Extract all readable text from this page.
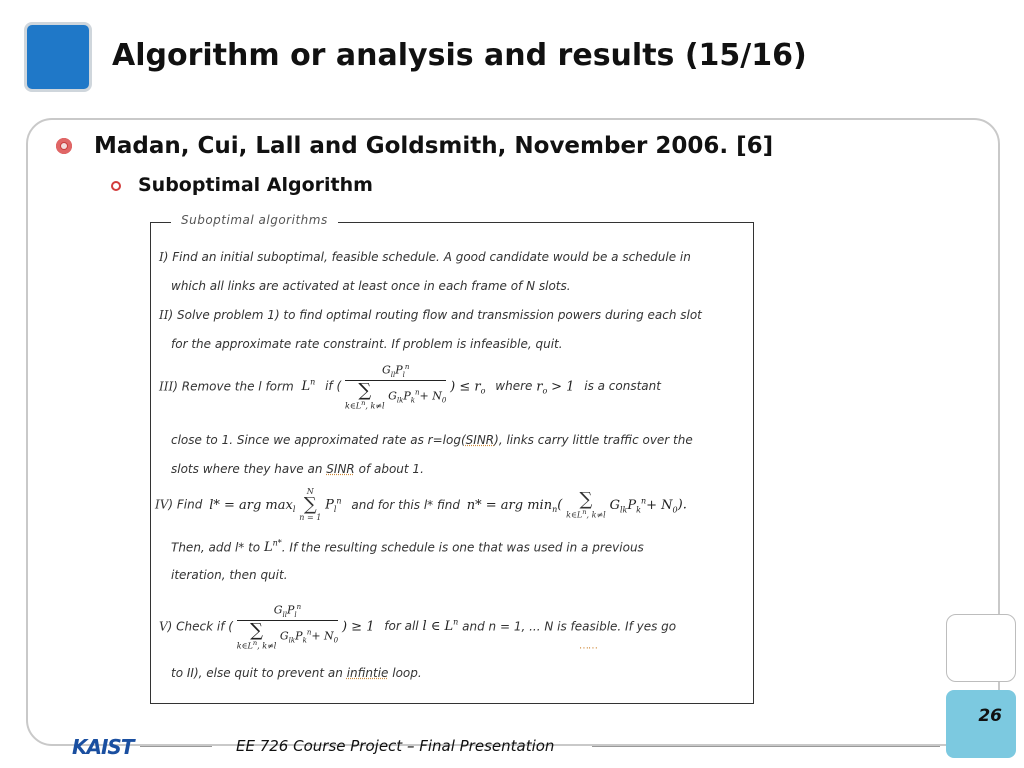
Algorithm or analysis and results (15/16)

Madan, Cui, Lall and Goldsmith, November 2006. [6]

Suboptimal Algorithm

Suboptimal algorithms
I) Find an initial suboptimal, feasible schedule. A good candidate would be a schedule in
which all links are activated at least once in each frame of N slots.
II) Solve problem 1) to find optimal routing flow and transmission powers during each slot
for the approximate rate constraint. If problem is infeasible, quit.
III) Remove the l form $L^n$ if ( $G_{ll}P_l^n$
∑
$k\in L^n$, k≠l
$G_{lk}P_k^n+ N_0$ ) ≤ $r_o$ where $r_o > 1$ is a constant
close to 1. Since we approximated rate as r=log(SINR), links carry little traffic over the
slots where they have an SINR of about 1.
IV) Find l* = arg $\max_l$
N
∑
n = 1
$P_l^n$ and for this l* find n* = arg $\min_n$( ∑
$k\in L^n$, k≠l
$G_{lk}P_k^n+ N_0$).
Then, add l* to $L^{n*}$. If the resulting schedule is one that was used in a previous
iteration, then quit.
V) Check if ( $G_{ll}P_l^n$
∑
$k\in L^n$, k≠l
$G_{lk}P_k^n+ N_0$ ) ≥ 1 for all l ∈ $L^n$ and n = 1, ... N is feasible. If yes go
⋯⋯
to II), else quit to prevent an infintie loop.
26
KAIST	EE 726 Course Project – Final Presentation
